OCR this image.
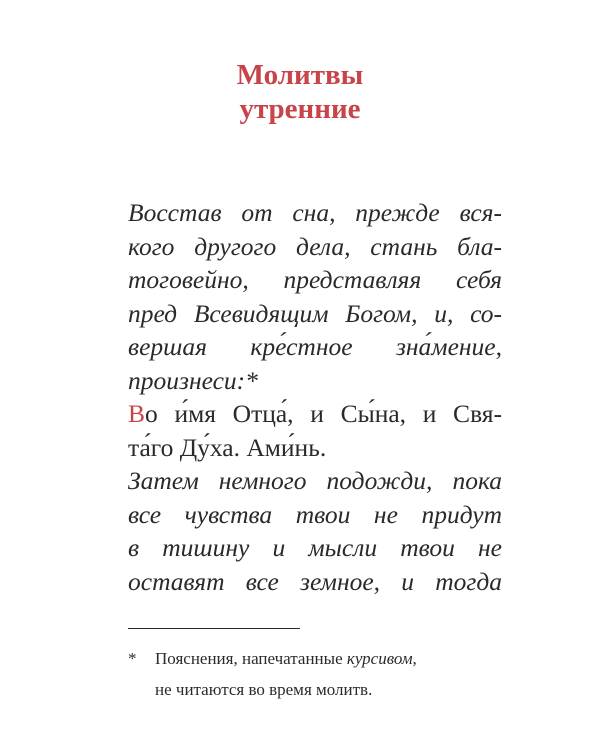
Молитвы
утренние
Восстав от сна, прежде вся-
кого другого дела, стань бла-
тоговейно, представляя себя
пред Всевидящим Богом, и, со-
вершая кре́стное зна́мение,
произнеси:*
Во и́мя Отца́, и Сы́на, и Свя-
та́го Ду́ха. Ами́нь.
Затем немного подожди, пока
все чувства твои не придут
в тишину и мысли твои не
оставят все земное, и тогда
* Пояснения, напечатанные курсивом,
не читаются во время молитв.
